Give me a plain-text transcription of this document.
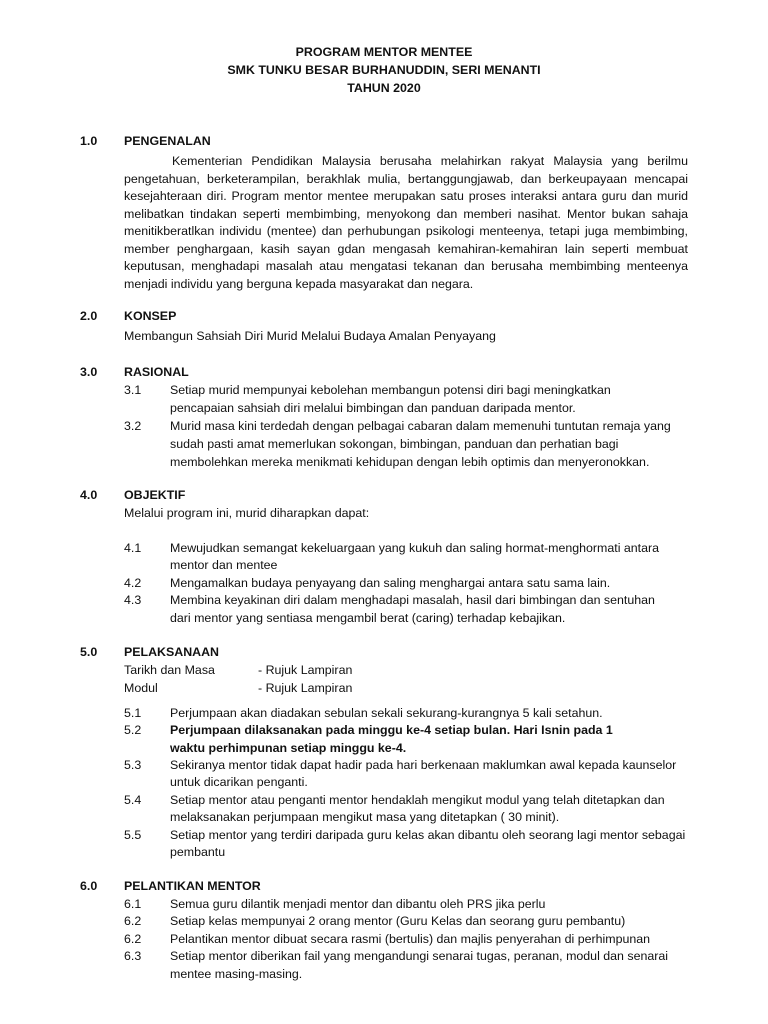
PROGRAM MENTOR MENTEE
SMK TUNKU BESAR BURHANUDDIN, SERI MENANTI
TAHUN 2020
1.0 PENGENALAN
Kementerian Pendidikan Malaysia berusaha melahirkan rakyat Malaysia yang berilmu pengetahuan, berketerampilan, berakhlak mulia, bertanggungjawab, dan berkeupayaan mencapai kesejahteraan diri. Program mentor mentee merupakan satu proses interaksi antara guru dan murid melibatkan tindakan seperti membimbing, menyokong dan memberi nasihat. Mentor bukan sahaja menitikberatlkan individu (mentee) dan perhubungan psikologi menteenya, tetapi juga membimbing, member penghargaan, kasih sayan gdan mengasah kemahiran-kemahiran lain seperti membuat keputusan, menghadapi masalah atau mengatasi tekanan dan berusaha membimbing menteenya menjadi individu yang berguna kepada masyarakat dan negara.
2.0 KONSEP
Membangun Sahsiah Diri Murid Melalui Budaya Amalan Penyayang
3.0 RASIONAL
3.1 Setiap murid mempunyai kebolehan membangun potensi diri bagi meningkatkan
pencapaian sahsiah diri melalui bimbingan dan panduan daripada mentor.
3.2 Murid masa kini terdedah dengan pelbagai cabaran dalam memenuhi tuntutan remaja yang
sudah pasti amat memerlukan sokongan, bimbingan, panduan dan perhatian bagi
membolehkan mereka menikmati kehidupan dengan lebih optimis dan menyeronokkan.
4.0 OBJEKTIF
Melalui program ini, murid diharapkan dapat:
4.1 Mewujudkan semangat kekeluargaan yang kukuh dan saling hormat-menghormati antara
mentor dan mentee
4.2 Mengamalkan budaya penyayang dan saling menghargai antara satu sama lain.
4.3 Membina keyakinan diri dalam menghadapi masalah, hasil dari bimbingan dan sentuhan
dari mentor yang sentiasa mengambil berat (caring) terhadap kebajikan.
5.0 PELAKSANAAN
Tarikh dan Masa	- Rujuk Lampiran
Modul	- Rujuk Lampiran
5.1 Perjumpaan akan diadakan sebulan sekali sekurang-kurangnya 5 kali setahun.
5.2 Perjumpaan dilaksanakan pada minggu ke-4 setiap bulan. Hari Isnin pada 1
waktu perhimpunan setiap minggu ke-4.
5.3 Sekiranya mentor tidak dapat hadir pada hari berkenaan maklumkan awal kepada kaunselor
untuk dicarikan penganti.
5.4 Setiap mentor atau penganti mentor hendaklah mengikut modul yang telah ditetapkan dan
melaksanakan perjumpaan mengikut masa yang ditetapkan ( 30 minit).
5.5 Setiap mentor yang terdiri daripada guru kelas akan dibantu oleh seorang lagi mentor sebagai
pembantu
6.0 PELANTIKAN MENTOR
6.1 Semua guru dilantik menjadi mentor dan dibantu oleh PRS jika perlu
6.2 Setiap kelas mempunyai 2 orang mentor (Guru Kelas dan seorang guru pembantu)
6.2 Pelantikan mentor dibuat secara rasmi (bertulis) dan majlis penyerahan di perhimpunan
6.3 Setiap mentor diberikan fail yang mengandungi senarai tugas, peranan, modul dan senarai
mentee masing-masing.
